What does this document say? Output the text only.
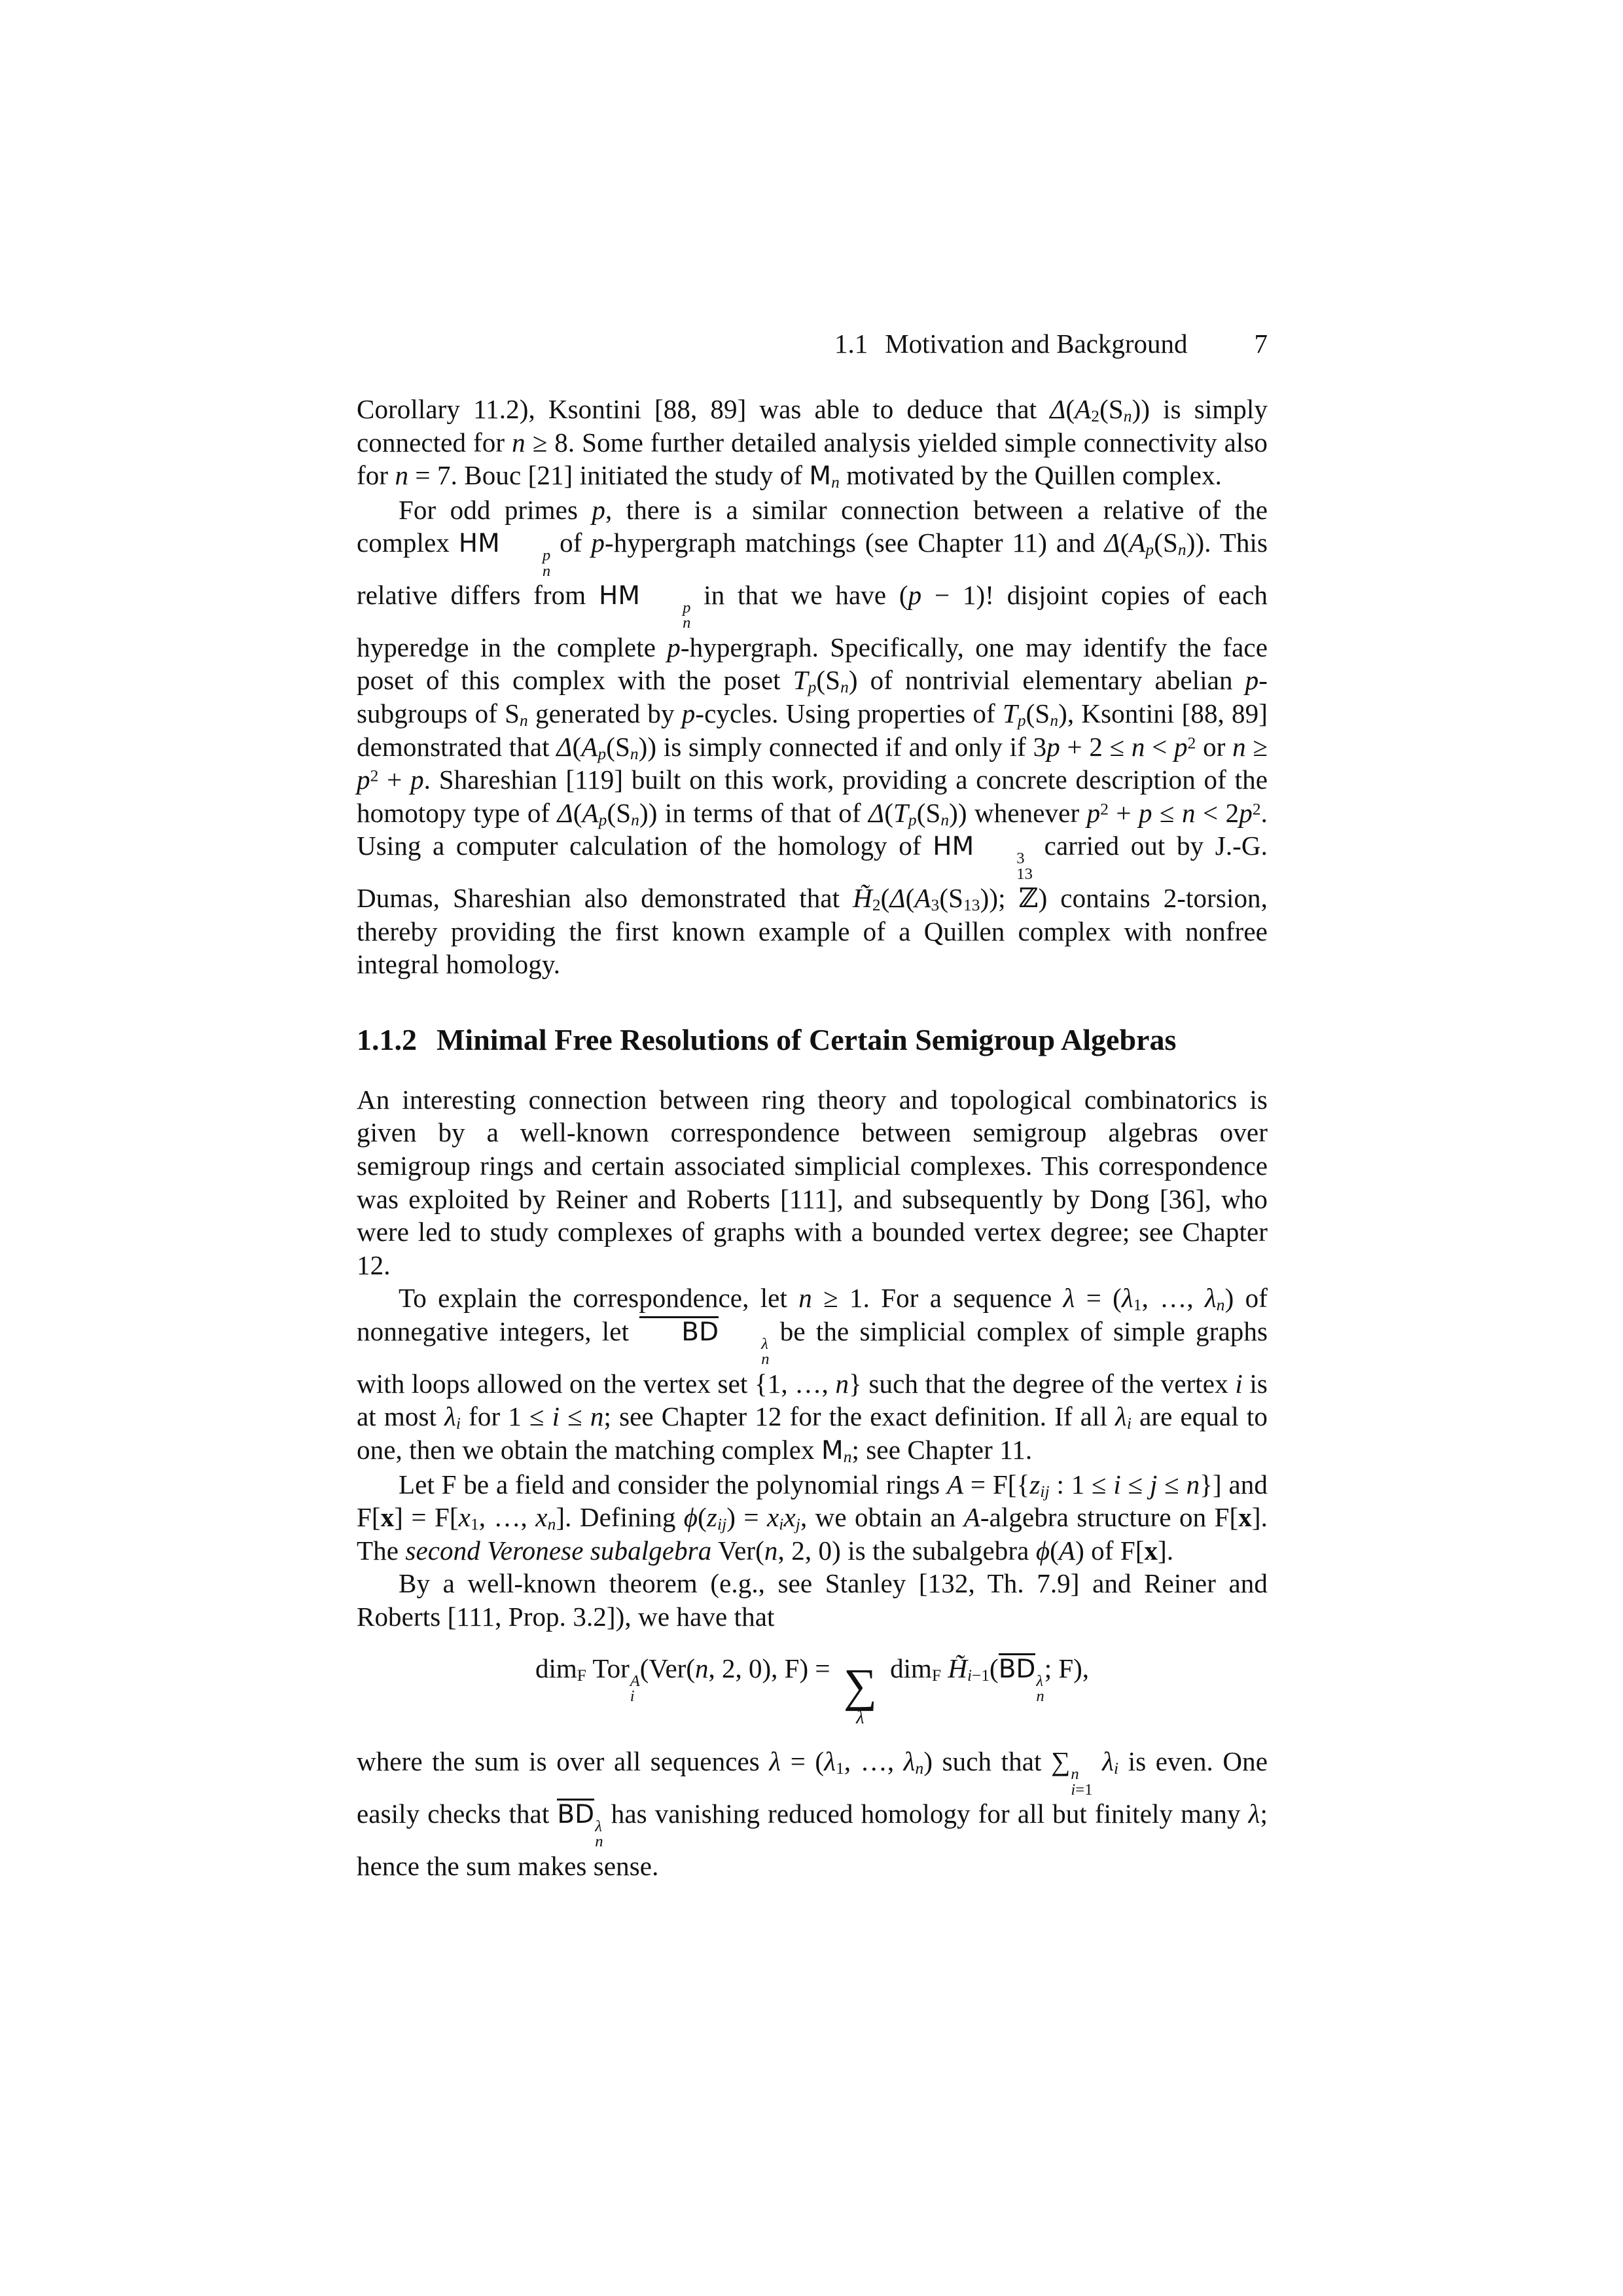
1.1 Motivation and Background 7

Corollary 11.2), Ksontini [88, 89] was able to deduce that $\Delta(A_2(S_n))$ is simply connected for n ≥ 8. Some further detailed analysis yielded simple connectivity also for n = 7. Bouc [21] initiated the study of $M_n$ motivated by the Quillen complex.

For odd primes p, there is a similar connection between a relative of the complex HM	p
n
of p-hypergraph matchings (see Chapter 11) and $\Delta(A_p(S_n))$. This relative differs from HM	p
n
in that we have (p − 1)! disjoint copies of each hyperedge in the complete p-hypergraph. Specifically, one may identify the face poset of this complex with the poset $T_p(S_n)$ of nontrivial elementary abelian p-subgroups of $S_n$ generated by p-cycles. Using properties of $T_p(S_n)$, Ksontini [88, 89] demonstrated that $\Delta(A_p(S_n))$ is simply connected if and only if $3p + 2 \le n < p^2$ or $n \ge p^2 + p$. Shareshian [119] built on this work, providing a concrete description of the homotopy type of $\Delta(A_p(S_n))$ in terms of that of $\Delta(T_p(S_n))$ whenever $p^2 + p \le n < 2p^2$. Using a computer calculation of the homology of HM	3
13
carried out by J.-G. Dumas, Shareshian also demonstrated that $H̃_2(\Delta(A_3(S_{13}))$; ℤ) contains 2-torsion, thereby providing the first known example of a Quillen complex with nonfree integral homology.

1.1.2 Minimal Free Resolutions of Certain Semigroup Algebras

An interesting connection between ring theory and topological combinatorics is given by a well-known correspondence between semigroup algebras over semigroup rings and certain associated simplicial complexes. This correspondence was exploited by Reiner and Roberts [111], and subsequently by Dong [36], who were led to study complexes of graphs with a bounded vertex degree; see Chapter 12.

To explain the correspondence, let n ≥ 1. For a sequence $\lambda = (\lambda_1$, …, $\lambda_n$) of nonnegative integers, let BD	λ
n
be the simplicial complex of simple graphs with loops allowed on the vertex set {1, …, n} such that the degree of the vertex i is at most $\lambda_i$ for 1 ≤ i ≤ n; see Chapter 12 for the exact definition. If all $\lambda_i$ are equal to one, then we obtain the matching complex $M_n$; see Chapter 11.

Let F be a field and consider the polynomial rings $A = F[\{z_{ij}$ : 1 ≤ i ≤ j ≤ n}] and $F[x] = F[x_1$, …, $x_n$]. Defining $\phi(z_{ij}) = x_ix_j$, we obtain an A-algebra structure on F[x]. The second Veronese subalgebra Ver(n, 2, 0) is the subalgebra ϕ(A) of F[x].

By a well-known theorem (e.g., see Stanley [132, Th. 7.9] and Reiner and Roberts [111, Prop. 3.2]), we have that

dim$_F$ Tor A
i
(Ver(n, 2, 0), F) = ∑
λ
dim$_F$ $H̃_{i-1}(BD$ λ
n
; F),

where the sum is over all sequences $\lambda = (\lambda_1$, …, $\lambda_n$) such that ∑ n
i=1
$\lambda_i$ is even. One easily checks that BD λ
n
has vanishing reduced homology for all but finitely many λ; hence the sum makes sense.
